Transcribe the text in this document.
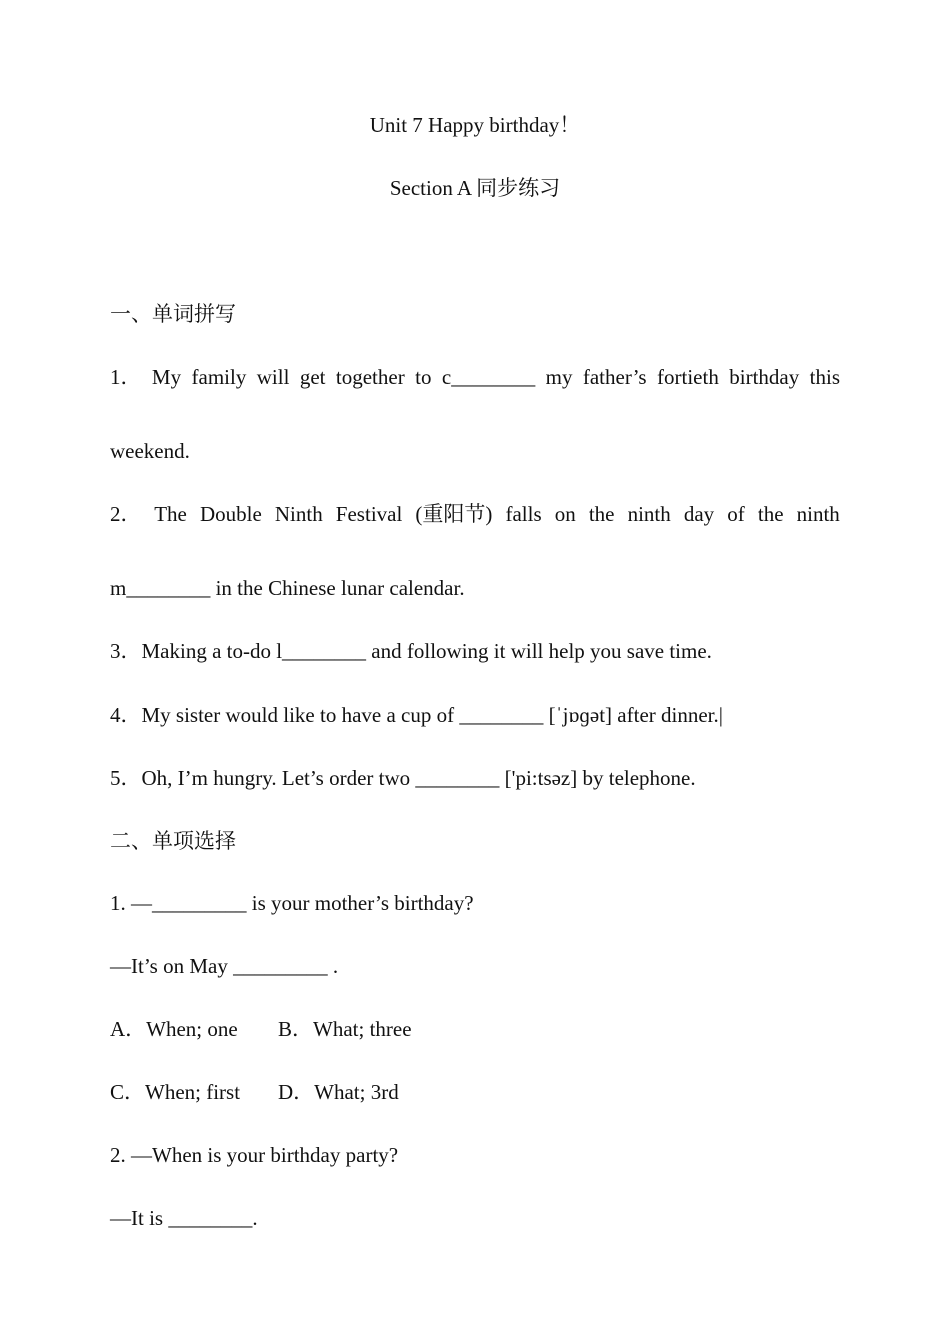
Unit 7 Happy birthday！
Section A 同步练习
一、单词拼写
1． My family will get together to c________ my father’s fortieth birthday this
weekend.
2． The Double Ninth Festival (重阳节) falls on the ninth day of the ninth
m________ in the Chinese lunar calendar.
3．Making a to-do l________ and following it will help you save time.
4．My sister would like to have a cup of ________ [ˈjɒɡət] after dinner.|
5．Oh, I’m hungry. Let’s order two ________ ['pi:tsəz] by telephone.
二、单项选择
1. —_________ is your mother’s birthday?
—It’s on May _________ .
A．When; one B．What; three
C．When; first D．What; 3rd
2. —When is your birthday party?
—It is ________.
